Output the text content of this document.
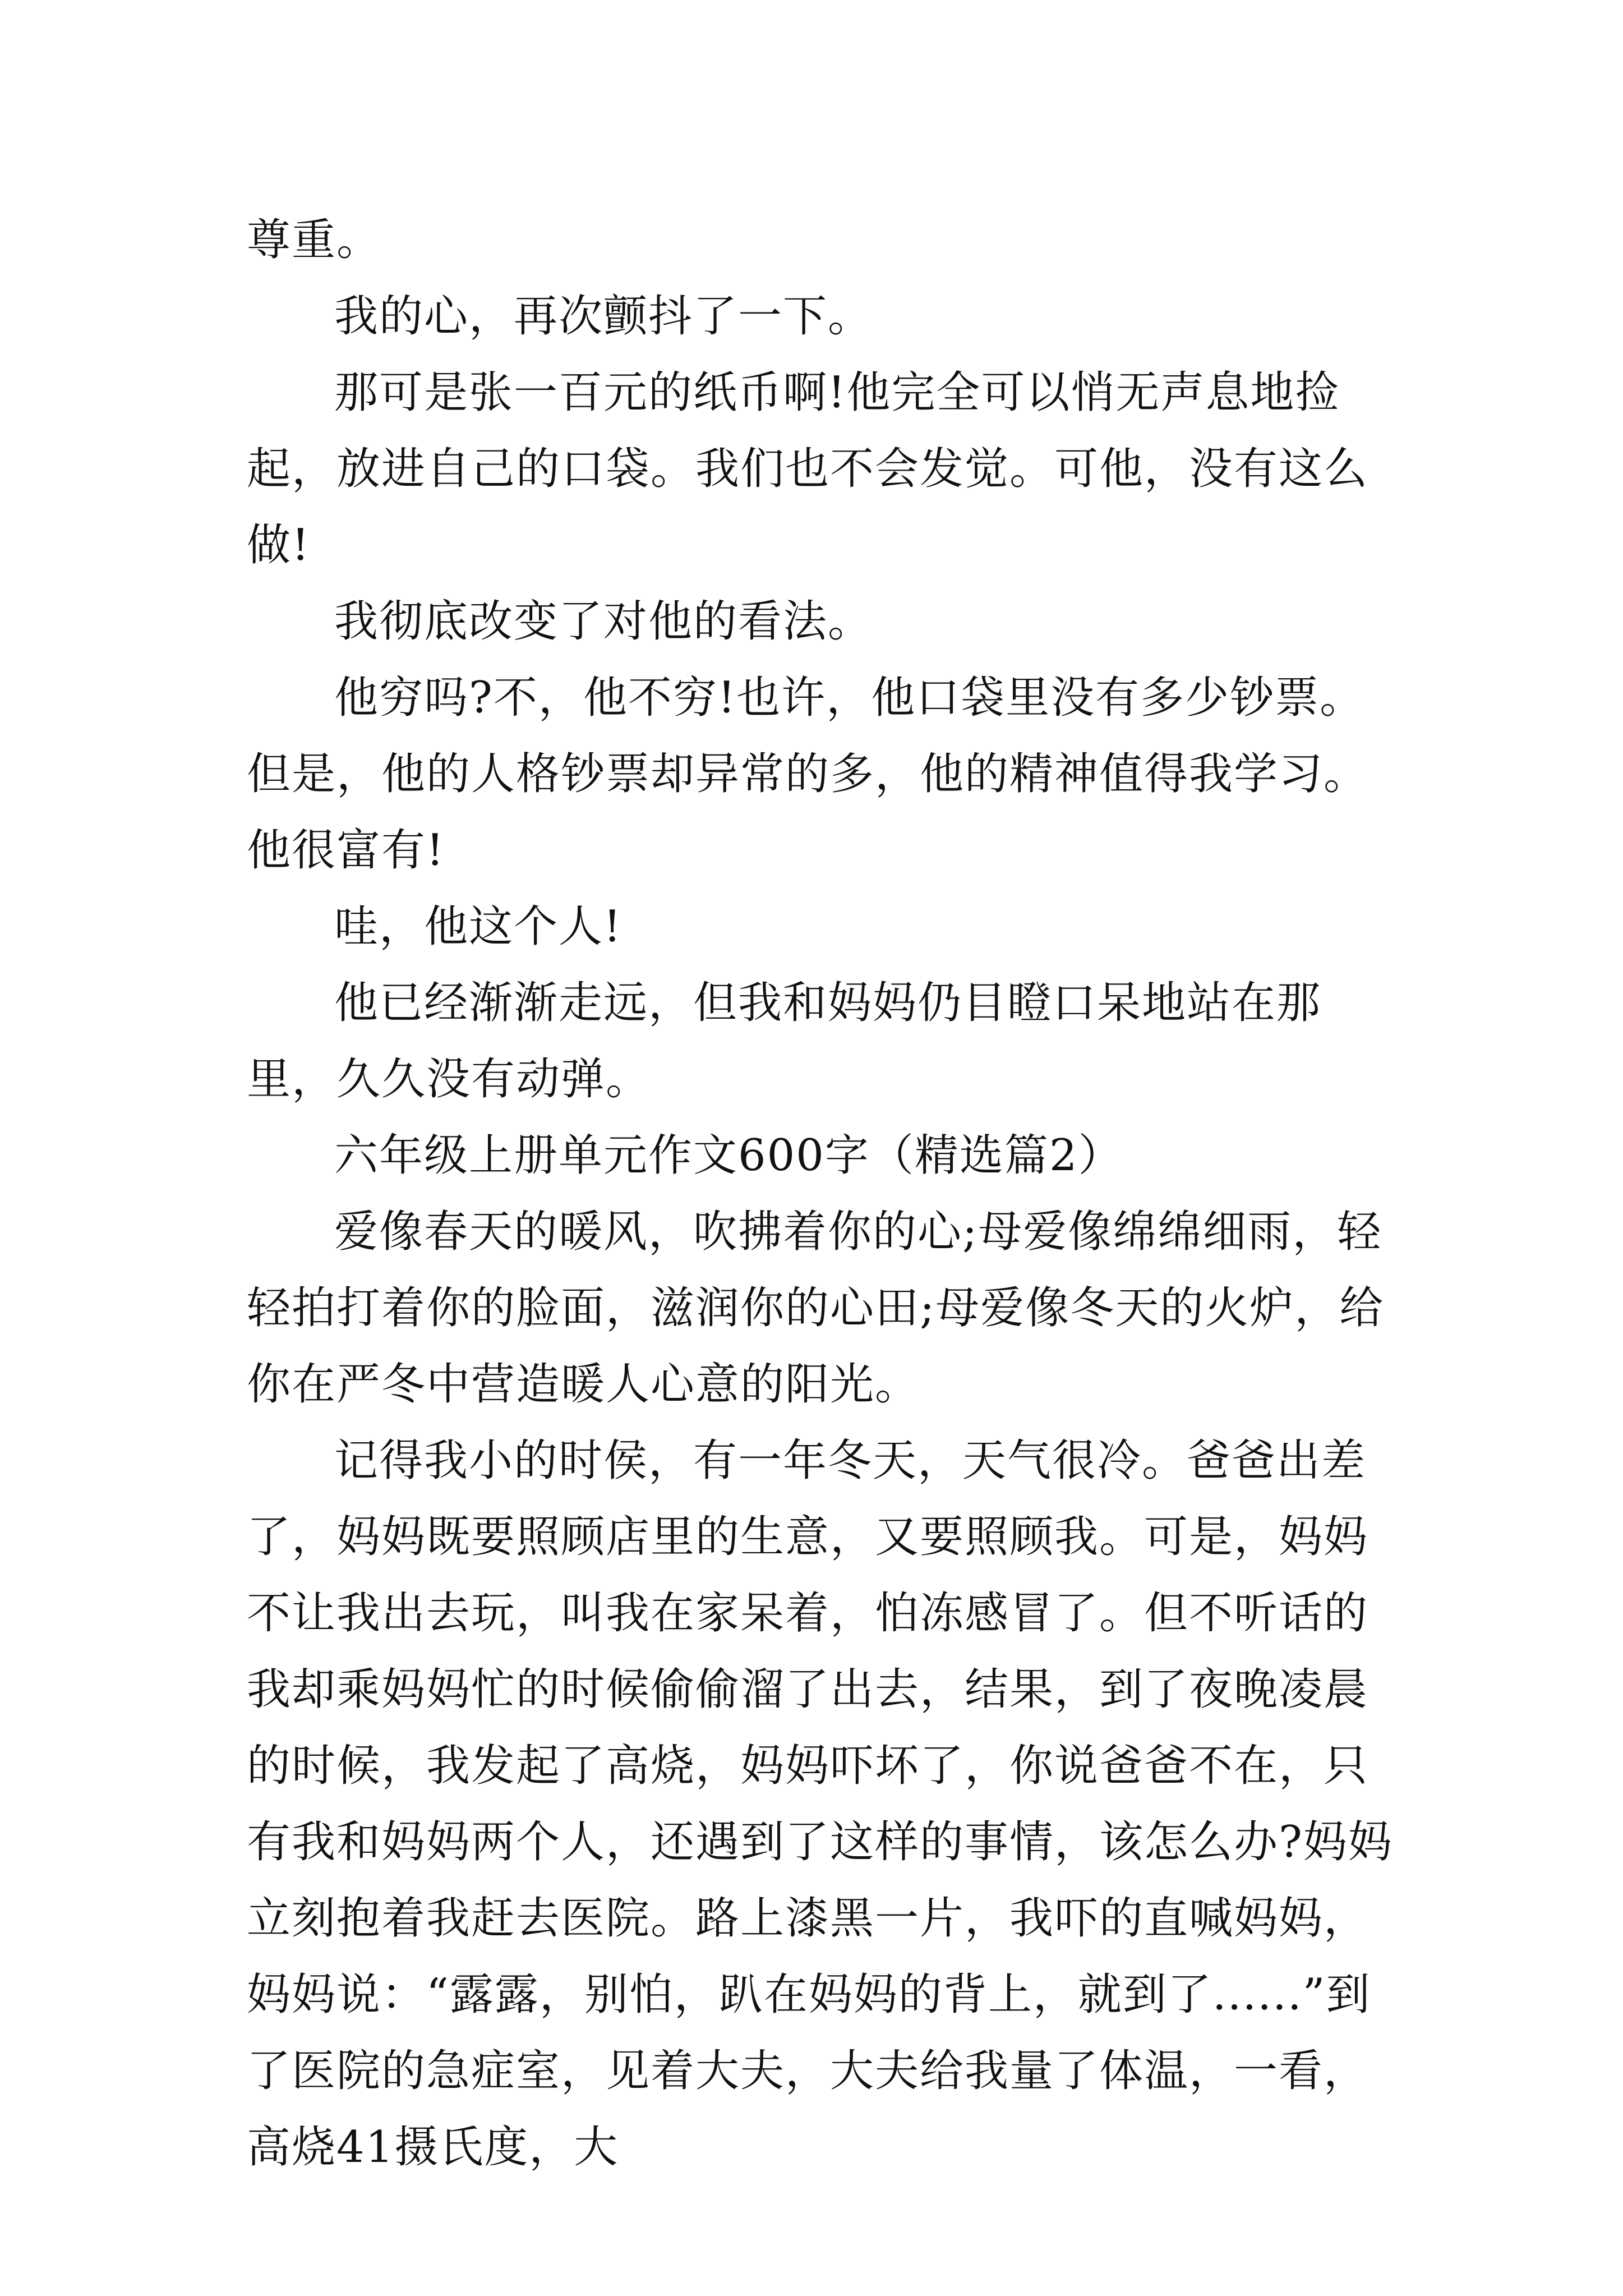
尊重。

我的心，再次颤抖了一下。

那可是张一百元的纸币啊!他完全可以悄无声息地捡起，放进自己的口袋。我们也不会发觉。可他，没有这么做!

我彻底改变了对他的看法。

他穷吗?不，他不穷!也许，他口袋里没有多少钞票。但是，他的人格钞票却异常的多，他的精神值得我学习。他很富有!

哇，他这个人!

他已经渐渐走远，但我和妈妈仍目瞪口呆地站在那里，久久没有动弹。

六年级上册单元作文600字（精选篇2）

爱像春天的暖风，吹拂着你的心;母爱像绵绵细雨，轻轻拍打着你的脸面，滋润你的心田;母爱像冬天的火炉，给你在严冬中营造暖人心意的阳光。

记得我小的时侯，有一年冬天，天气很冷。爸爸出差了，妈妈既要照顾店里的生意，又要照顾我。可是，妈妈不让我出去玩，叫我在家呆着，怕冻感冒了。但不听话的我却乘妈妈忙的时候偷偷溜了出去，结果，到了夜晚凌晨的时候，我发起了高烧，妈妈吓坏了，你说爸爸不在，只有我和妈妈两个人，还遇到了这样的事情，该怎么办?妈妈立刻抱着我赶去医院。路上漆黑一片，我吓的直喊妈妈，妈妈说：“露露，别怕，趴在妈妈的背上，就到了......”到了医院的急症室，见着大夫，大夫给我量了体温，一看，高烧41摄氏度，大
